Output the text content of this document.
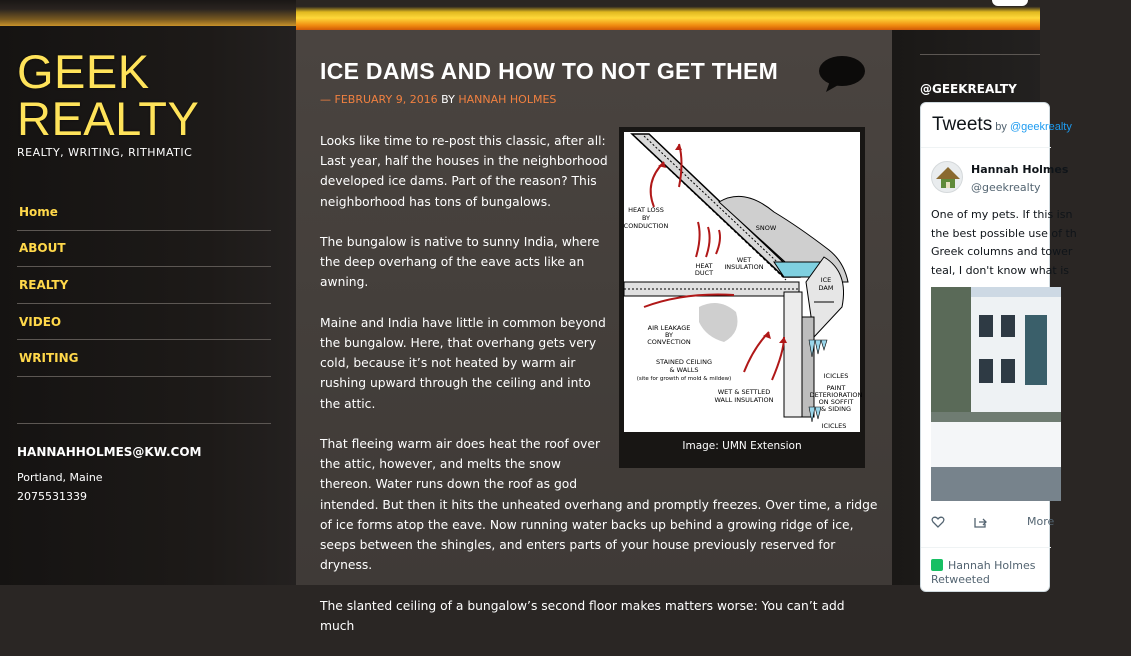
GEEK
REALTY
REALTY, WRITING, RITHMATIC
Home
ABOUT
REALTY
VIDEO
WRITING
HANNAHHOLMES@KW.COM
Portland, Maine
2075531339
ICE DAMS AND HOW TO NOT GET THEM
— FEBRUARY 9, 2016 BY HANNAH HOLMES

Looks like time to re-post this classic, after all: Last year, half the houses in the neighborhood developed ice dams. Part of the reason? This neighborhood has tons of bungalows.

The bungalow is native to sunny India, where the deep overhang of the eave acts like an awning.

Maine and India have little in common beyond the bungalow. Here, that overhang gets very cold, because it’s not heated by warm air rushing upward through the ceiling and into the attic.

That fleeing warm air does heat the roof over the attic, however, and melts the snow thereon. Water runs down the roof as god
intended. But then it hits the unheated overhang and promptly freezes. Over time, a ridge of ice forms atop the eave. Now running water backs up behind a growing ridge of ice, seeps between the shingles, and enters parts of your house previously reserved for dryness.

The slanted ceiling of a bungalow’s second floor makes matters worse: You can’t add much

HEAT LOSS
BY
CONDUCTION	SNOW
HEAT
DUCT
WET
INSULATION
ICE
DAM
AIR LEAKAGE
BY
CONVECTION
STAINED CEILING
& WALLS
(site for growth of mold & mildew)
WET & SETTLED
WALL INSULATION
ICICLES
PAINT
DETERIORATION
ON SOFFIT
& SIDING
ICICLES
Image: UMN Extension
@GEEKREALTY
Tweets by @geekrealty
Hannah Holmes
@geekrealty
One of my pets. If this isn
the best possible use of th
Greek columns and tower
teal, I don't know what is
More
Hannah Holmes
Retweeted
